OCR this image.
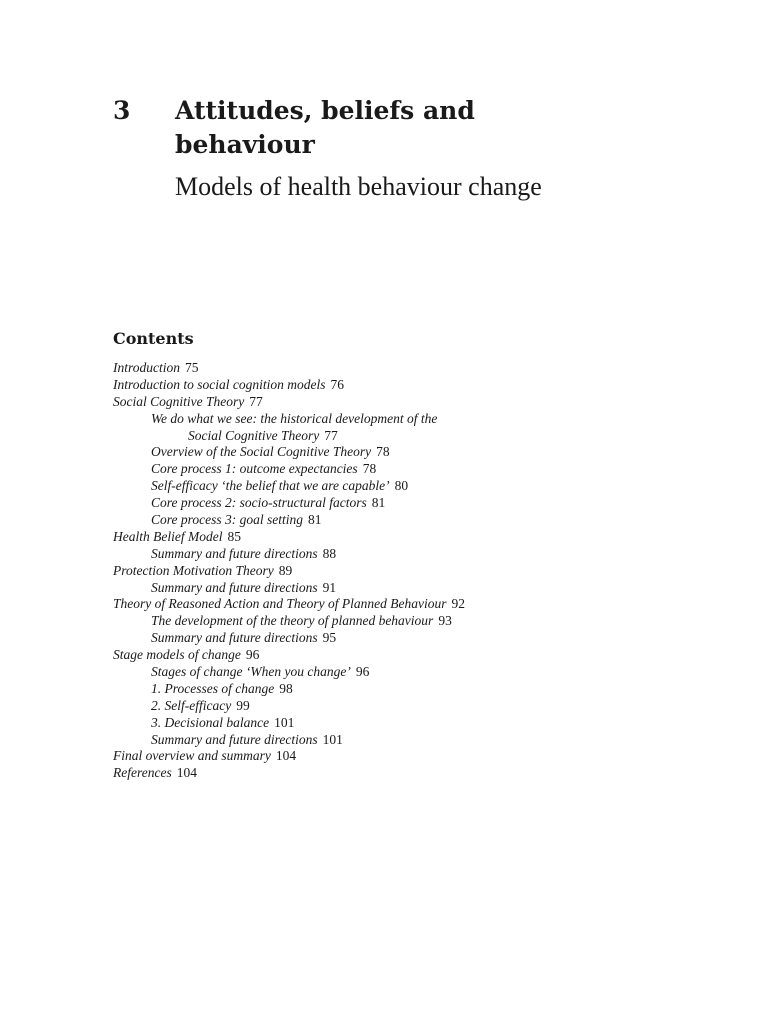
3 Attitudes, beliefs and behaviour
Models of health behaviour change
Contents
Introduction 75
Introduction to social cognition models 76
Social Cognitive Theory 77
We do what we see: the historical development of the
Social Cognitive Theory 77
Overview of the Social Cognitive Theory 78
Core process 1: outcome expectancies 78
Self-efficacy ‘the belief that we are capable’ 80
Core process 2: socio-structural factors 81
Core process 3: goal setting 81
Health Belief Model 85
Summary and future directions 88
Protection Motivation Theory 89
Summary and future directions 91
Theory of Reasoned Action and Theory of Planned Behaviour 92
The development of the theory of planned behaviour 93
Summary and future directions 95
Stage models of change 96
Stages of change ‘When you change’ 96
1. Processes of change 98
2. Self-efficacy 99
3. Decisional balance 101
Summary and future directions 101
Final overview and summary 104
References 104
